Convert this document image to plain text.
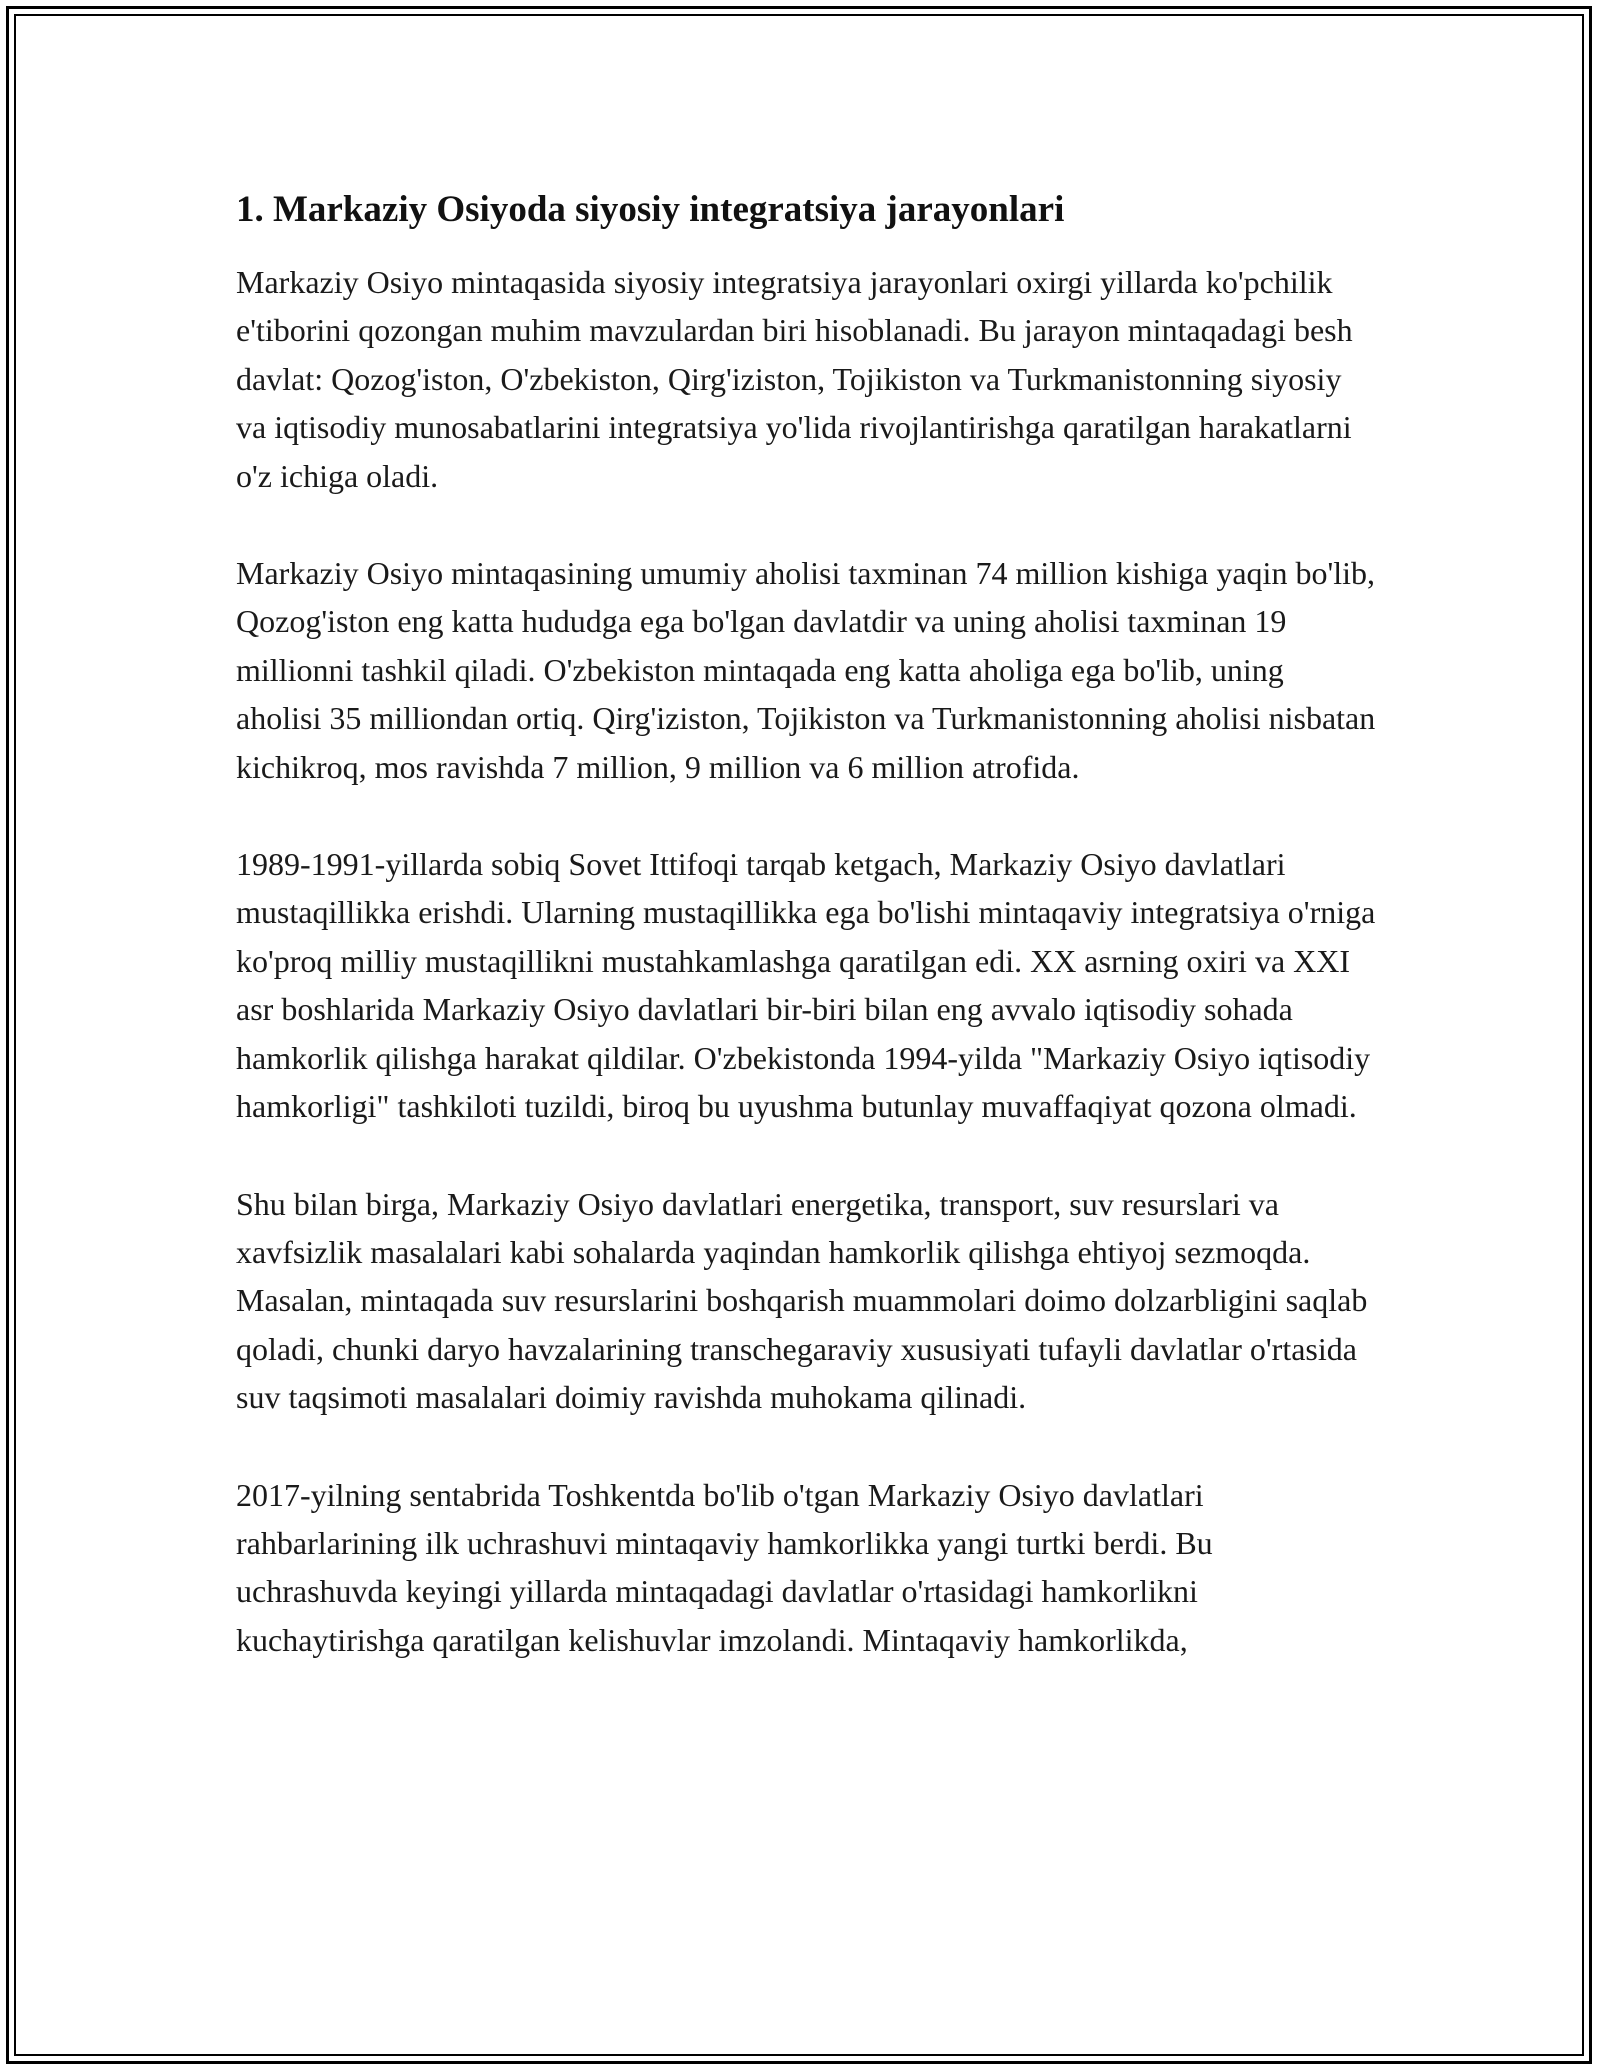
1. Markaziy Osiyoda siyosiy integratsiya jarayonlari

Markaziy Osiyo mintaqasida siyosiy integratsiya jarayonlari oxirgi yillarda ko'pchilik e'tiborini qozongan muhim mavzulardan biri hisoblanadi. Bu jarayon mintaqadagi besh davlat: Qozog'iston, O'zbekiston, Qirg'iziston, Tojikiston va Turkmanistonning siyosiy va iqtisodiy munosabatlarini integratsiya yo'lida rivojlantirishga qaratilgan harakatlarni o'z ichiga oladi.

Markaziy Osiyo mintaqasining umumiy aholisi taxminan 74 million kishiga yaqin bo'lib, Qozog'iston eng katta hududga ega bo'lgan davlatdir va uning aholisi taxminan 19 millionni tashkil qiladi. O'zbekiston mintaqada eng katta aholiga ega bo'lib, uning aholisi 35 milliondan ortiq. Qirg'iziston, Tojikiston va Turkmanistonning aholisi nisbatan kichikroq, mos ravishda 7 million, 9 million va 6 million atrofida.

1989-1991-yillarda sobiq Sovet Ittifoqi tarqab ketgach, Markaziy Osiyo davlatlari mustaqillikka erishdi. Ularning mustaqillikka ega bo'lishi mintaqaviy integratsiya o'rniga ko'proq milliy mustaqillikni mustahkamlashga qaratilgan edi. XX asrning oxiri va XXI asr boshlarida Markaziy Osiyo davlatlari bir-biri bilan eng avvalo iqtisodiy sohada hamkorlik qilishga harakat qildilar. O'zbekistonda 1994-yilda "Markaziy Osiyo iqtisodiy hamkorligi" tashkiloti tuzildi, biroq bu uyushma butunlay muvaffaqiyat qozona olmadi.

Shu bilan birga, Markaziy Osiyo davlatlari energetika, transport, suv resurslari va xavfsizlik masalalari kabi sohalarda yaqindan hamkorlik qilishga ehtiyoj sezmoqda. Masalan, mintaqada suv resurslarini boshqarish muammolari doimo dolzarbligini saqlab qoladi, chunki daryo havzalarining transchegaraviy xususiyati tufayli davlatlar o'rtasida suv taqsimoti masalalari doimiy ravishda muhokama qilinadi.

2017-yilning sentabrida Toshkentda bo'lib o'tgan Markaziy Osiyo davlatlari rahbarlarining ilk uchrashuvi mintaqaviy hamkorlikka yangi turtki berdi. Bu uchrashuvda keyingi yillarda mintaqadagi davlatlar o'rtasidagi hamkorlikni kuchaytirishga qaratilgan kelishuvlar imzolandi. Mintaqaviy hamkorlikda,
